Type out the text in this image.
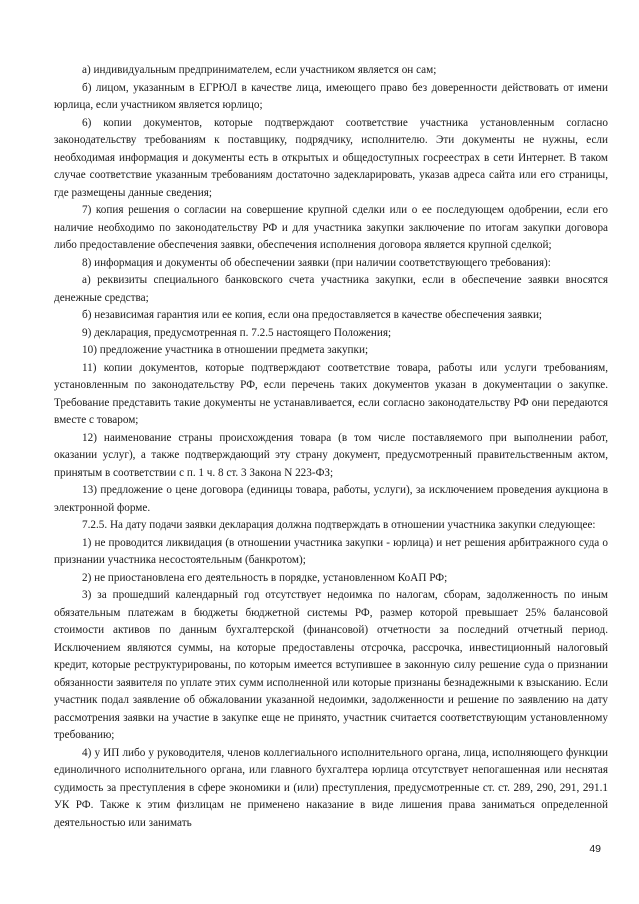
а) индивидуальным предпринимателем, если участником является он сам;

б) лицом, указанным в ЕГРЮЛ в качестве лица, имеющего право без доверенности действовать от имени юрлица, если участником является юрлицо;

6) копии документов, которые подтверждают соответствие участника установленным согласно законодательству требованиям к поставщику, подрядчику, исполнителю. Эти документы не нужны, если необходимая информация и документы есть в открытых и общедоступных госреестрах в сети Интернет. В таком случае соответствие указанным требованиям достаточно задекларировать, указав адреса сайта или его страницы, где размещены данные сведения;

7) копия решения о согласии на совершение крупной сделки или о ее последующем одобрении, если его наличие необходимо по законодательству РФ и для участника закупки заключение по итогам закупки договора либо предоставление обеспечения заявки, обеспечения исполнения договора является крупной сделкой;

8) информация и документы об обеспечении заявки (при наличии соответствующего требования):

а) реквизиты специального банковского счета участника закупки, если в обеспечение заявки вносятся денежные средства;

б) независимая гарантия или ее копия, если она предоставляется в качестве обеспечения заявки;

9) декларация, предусмотренная п. 7.2.5 настоящего Положения;

10) предложение участника в отношении предмета закупки;

11) копии документов, которые подтверждают соответствие товара, работы или услуги требованиям, установленным по законодательству РФ, если перечень таких документов указан в документации о закупке. Требование представить такие документы не устанавливается, если согласно законодательству РФ они передаются вместе с товаром;

12) наименование страны происхождения товара (в том числе поставляемого при выполнении работ, оказании услуг), а также подтверждающий эту страну документ, предусмотренный правительственным актом, принятым в соответствии с п. 1 ч. 8 ст. 3 Закона N 223-ФЗ;

13) предложение о цене договора (единицы товара, работы, услуги), за исключением проведения аукциона в электронной форме.

7.2.5. На дату подачи заявки декларация должна подтверждать в отношении участника закупки следующее:

1) не проводится ликвидация (в отношении участника закупки - юрлица) и нет решения арбитражного суда о признании участника несостоятельным (банкротом);

2) не приостановлена его деятельность в порядке, установленном КоАП РФ;

3) за прошедший календарный год отсутствует недоимка по налогам, сборам, задолженность по иным обязательным платежам в бюджеты бюджетной системы РФ, размер которой превышает 25% балансовой стоимости активов по данным бухгалтерской (финансовой) отчетности за последний отчетный период. Исключением являются суммы, на которые предоставлены отсрочка, рассрочка, инвестиционный налоговый кредит, которые реструктурированы, по которым имеется вступившее в законную силу решение суда о признании обязанности заявителя по уплате этих сумм исполненной или которые признаны безнадежными к взысканию. Если участник подал заявление об обжаловании указанной недоимки, задолженности и решение по заявлению на дату рассмотрения заявки на участие в закупке еще не принято, участник считается соответствующим установленному требованию;

4) у ИП либо у руководителя, членов коллегиального исполнительного органа, лица, исполняющего функции единоличного исполнительного органа, или главного бухгалтера юрлица отсутствует непогашенная или неснятая судимость за преступления в сфере экономики и (или) преступления, предусмотренные ст. ст. 289, 290, 291, 291.1 УК РФ. Также к этим физлицам не применено наказание в виде лишения права заниматься определенной деятельностью или занимать

49
